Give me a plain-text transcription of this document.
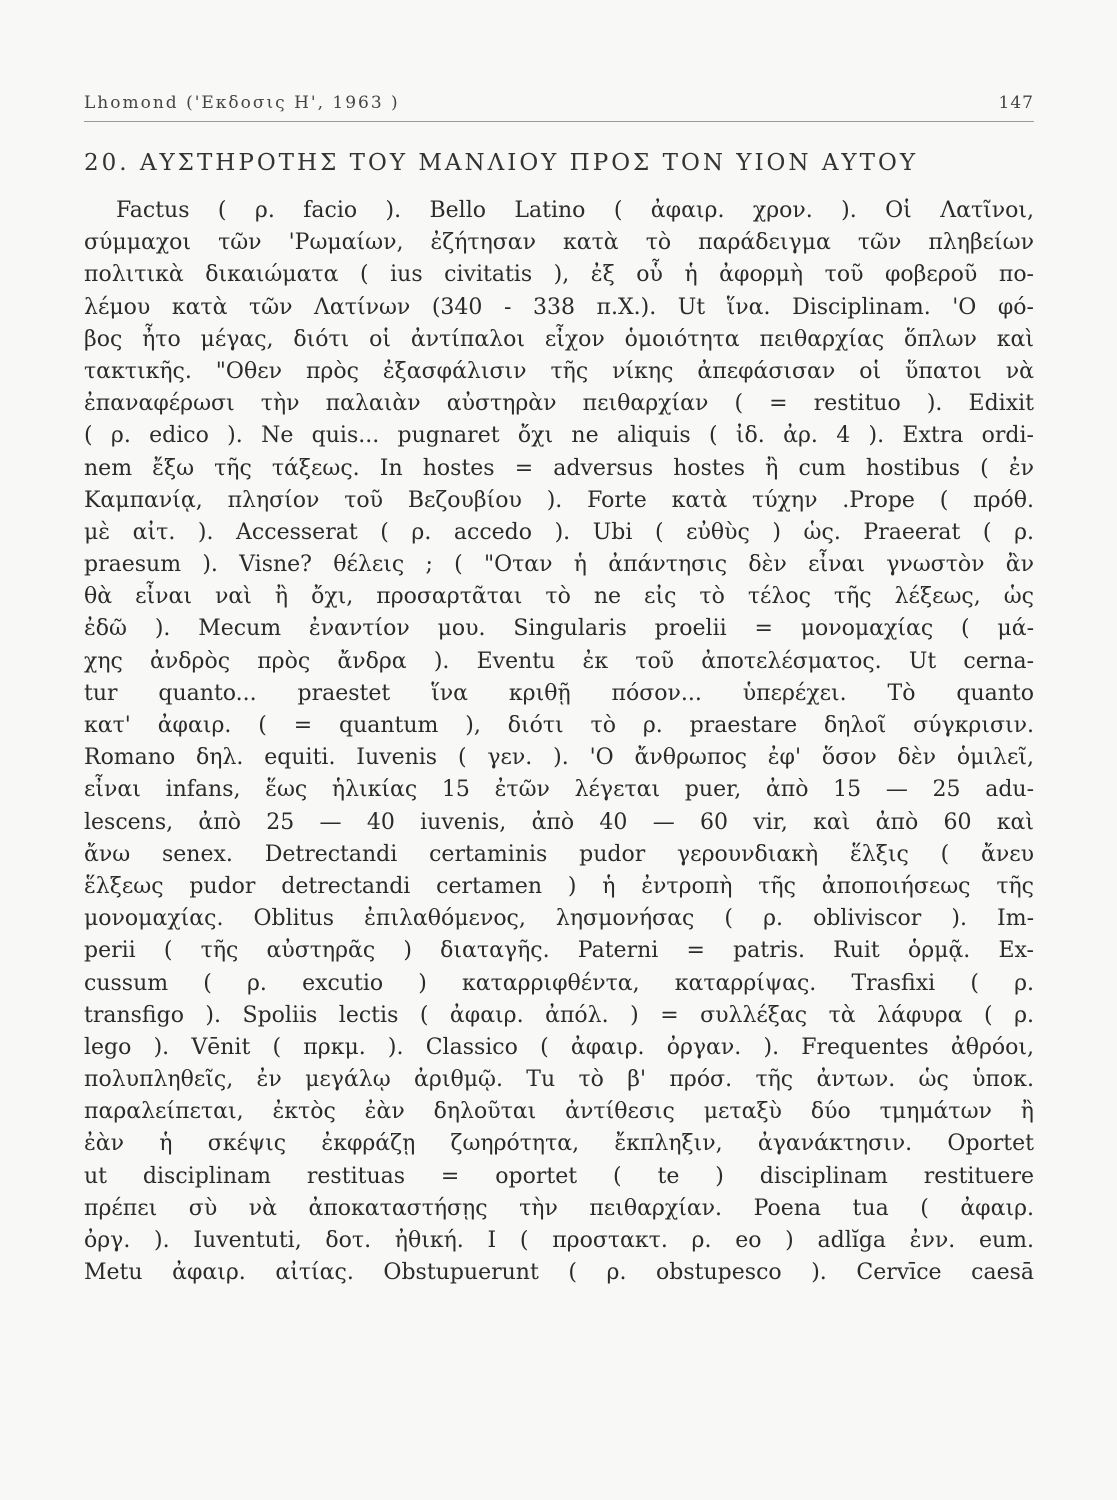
Lhomond ('Εκδοσις Η', 1963 )	147
20. ΑΥΣΤΗΡΟΤΗΣ ΤΟΥ ΜΑΝΛΙΟΥ ΠΡΟΣ ΤΟΝ ΥΙΟΝ ΑΥΤΟΥ
Factus ( ρ. facio ). Bello Latino ( ἀφαιρ. χρον. ). Οἱ Λατῖνοι,
σύμμαχοι τῶν 'Ρωμαίων, ἐζήτησαν κατὰ τὸ παράδειγμα τῶν πληβείων
πολιτικὰ δικαιώματα ( ius civitatis ), ἐξ οὗ ἡ ἀφορμὴ τοῦ φοβεροῦ πο-
λέμου κατὰ τῶν Λατίνων (340 - 338 π.Χ.). Ut ἵνα. Disciplinam. 'Ο φό-
βος ἦτο μέγας, διότι οἱ ἀντίπαλοι εἶχον ὁμοιότητα πειθαρχίας ὅπλων καὶ
τακτικῆς. "Οθεν πρὸς ἐξασφάλισιν τῆς νίκης ἀπεφάσισαν οἱ ὕπατοι νὰ
ἐπαναφέρωσι τὴν παλαιὰν αὐστηρὰν πειθαρχίαν ( = restituo ). Edixit
( ρ. edico ). Ne quis... pugnaret ὄχι ne aliquis ( ἰδ. ἀρ. 4 ). Extra ordi-
nem ἔξω τῆς τάξεως. In hostes = adversus hostes ἢ cum hostibus ( ἐν
Καμπανίᾳ, πλησίον τοῦ Βεζουβίου ). Forte κατὰ τύχην .Prope ( πρόθ.
μὲ αἰτ. ). Accesserat ( ρ. accedo ). Ubi ( εὐθὺς ) ὡς. Praeerat ( ρ.
praesum ). Visne? θέλεις ; ( "Οταν ἡ ἀπάντησις δὲν εἶναι γνωστὸν ἂν
θὰ εἶναι ναὶ ἢ ὄχι, προσαρτᾶται τὸ ne εἰς τὸ τέλος τῆς λέξεως, ὡς
ἐδῶ ). Mecum ἐναντίον μου. Singularis proelii = μονομαχίας ( μά-
χης ἀνδρὸς πρὸς ἄνδρα ). Eventu ἐκ τοῦ ἀποτελέσματος. Ut cerna-
tur quanto... praestet ἵνα κριθῇ πόσον... ὑπερέχει. Τὸ quanto
κατ' ἀφαιρ. ( = quantum ), διότι τὸ ρ. praestare δηλοῖ σύγκρισιν.
Romano δηλ. equiti. Iuvenis ( γεν. ). 'Ο ἄνθρωπος ἐφ' ὅσον δὲν ὁμιλεῖ,
εἶναι infans, ἕως ἡλικίας 15 ἐτῶν λέγεται puer, ἀπὸ 15 — 25 adu-
lescens, ἀπὸ 25 — 40 iuvenis, ἀπὸ 40 — 60 vir, καὶ ἀπὸ 60 καὶ
ἄνω senex. Detrectandi certaminis pudor γερουνδιακὴ ἕλξις ( ἄνευ
ἕλξεως pudor detrectandi certamen ) ἡ ἐντροπὴ τῆς ἀποποιήσεως τῆς
μονομαχίας. Oblitus ἐπιλαθόμενος, λησμονήσας ( ρ. obliviscor ). Im-
perii ( τῆς αὐστηρᾶς ) διαταγῆς. Paterni = patris. Ruit ὁρμᾷ. Ex-
cussum ( ρ. excutio ) καταρριφθέντα, καταρρίψας. Trasfixi ( ρ.
transfigo ). Spoliis lectis ( ἀφαιρ. ἀπόλ. ) = συλλέξας τὰ λάφυρα ( ρ.
lego ). Vēnit ( πρκμ. ). Classico ( ἀφαιρ. ὀργαν. ). Frequentes ἀθρόοι,
πολυπληθεῖς, ἐν μεγάλῳ ἀριθμῷ. Tu τὸ β' πρόσ. τῆς ἀντων. ὡς ὑποκ.
παραλείπεται, ἐκτὸς ἐὰν δηλοῦται ἀντίθεσις μεταξὺ δύο τμημάτων ἢ
ἐὰν ἡ σκέψις ἐκφράζῃ ζωηρότητα, ἔκπληξιν, ἀγανάκτησιν. Oportet
ut disciplinam restituas = oportet ( te ) disciplinam restituere
πρέπει σὺ νὰ ἀποκαταστήσῃς τὴν πειθαρχίαν. Poena tua ( ἀφαιρ.
ὀργ. ). Iuventuti, δοτ. ἠθική. I ( προστακτ. ρ. eo ) adlĭga ἐνν. eum.
Metu ἀφαιρ. αἰτίας. Obstupuerunt ( ρ. obstupesco ). Cervīce caesā
